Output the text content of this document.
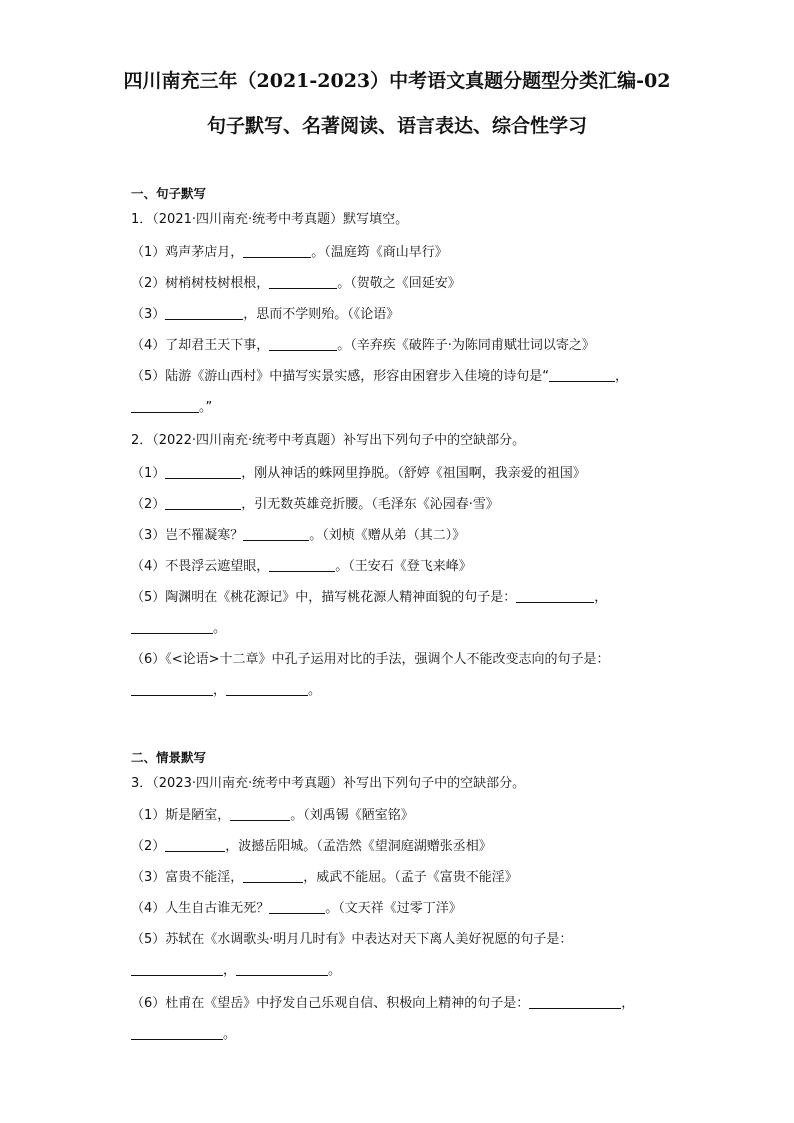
四川南充三年（2021-2023）中考语文真题分题型分类汇编-02
句子默写、名著阅读、语言表达、综合性学习
一、句子默写
1．（2021·四川南充·统考中考真题）默写填空。
（1）鸡声茅店月，	。（温庭筠《商山早行》
（2）树梢树枝树根根，	。（贺敬之《回延安》
（3）	，思而不学则殆。（《论语》
（4）了却君王天下事，	。（辛弃疾《破阵子·为陈同甫赋壮词以寄之》
（5）陆游《游山西村》中描写实景实感，形容由困窘步入佳境的诗句是“	，
。”
2．（2022·四川南充·统考中考真题）补写出下列句子中的空缺部分。
（1）	，刚从神话的蛛网里挣脱。（舒婷《祖国啊，我亲爱的祖国》
（2）	，引无数英雄竞折腰。（毛泽东《沁园春·雪》
（3）岂不罹凝寒？	。（刘桢《赠从弟（其二）》
（4）不畏浮云遮望眼，	。（王安石《登飞来峰》
（5）陶渊明在《桃花源记》中，描写桃花源人精神面貌的句子是：	，
。
（6）《<论语>十二章》中孔子运用对比的手法，强调个人不能改变志向的句子是：
，	。
二、情景默写
3．（2023·四川南充·统考中考真题）补写出下列句子中的空缺部分。
（1）斯是陋室，	。（刘禹锡《陋室铭》
（2）	，波撼岳阳城。（孟浩然《望洞庭湖赠张丞相》
（3）富贵不能淫，	，威武不能屈。（孟子《富贵不能淫》
（4）人生自古谁无死？	。（文天祥《过零丁洋》
（5）苏轼在《水调歌头·明月几时有》中表达对天下离人美好祝愿的句子是：
，	。
（6）杜甫在《望岳》中抒发自己乐观自信、积极向上精神的句子是：	，
。
